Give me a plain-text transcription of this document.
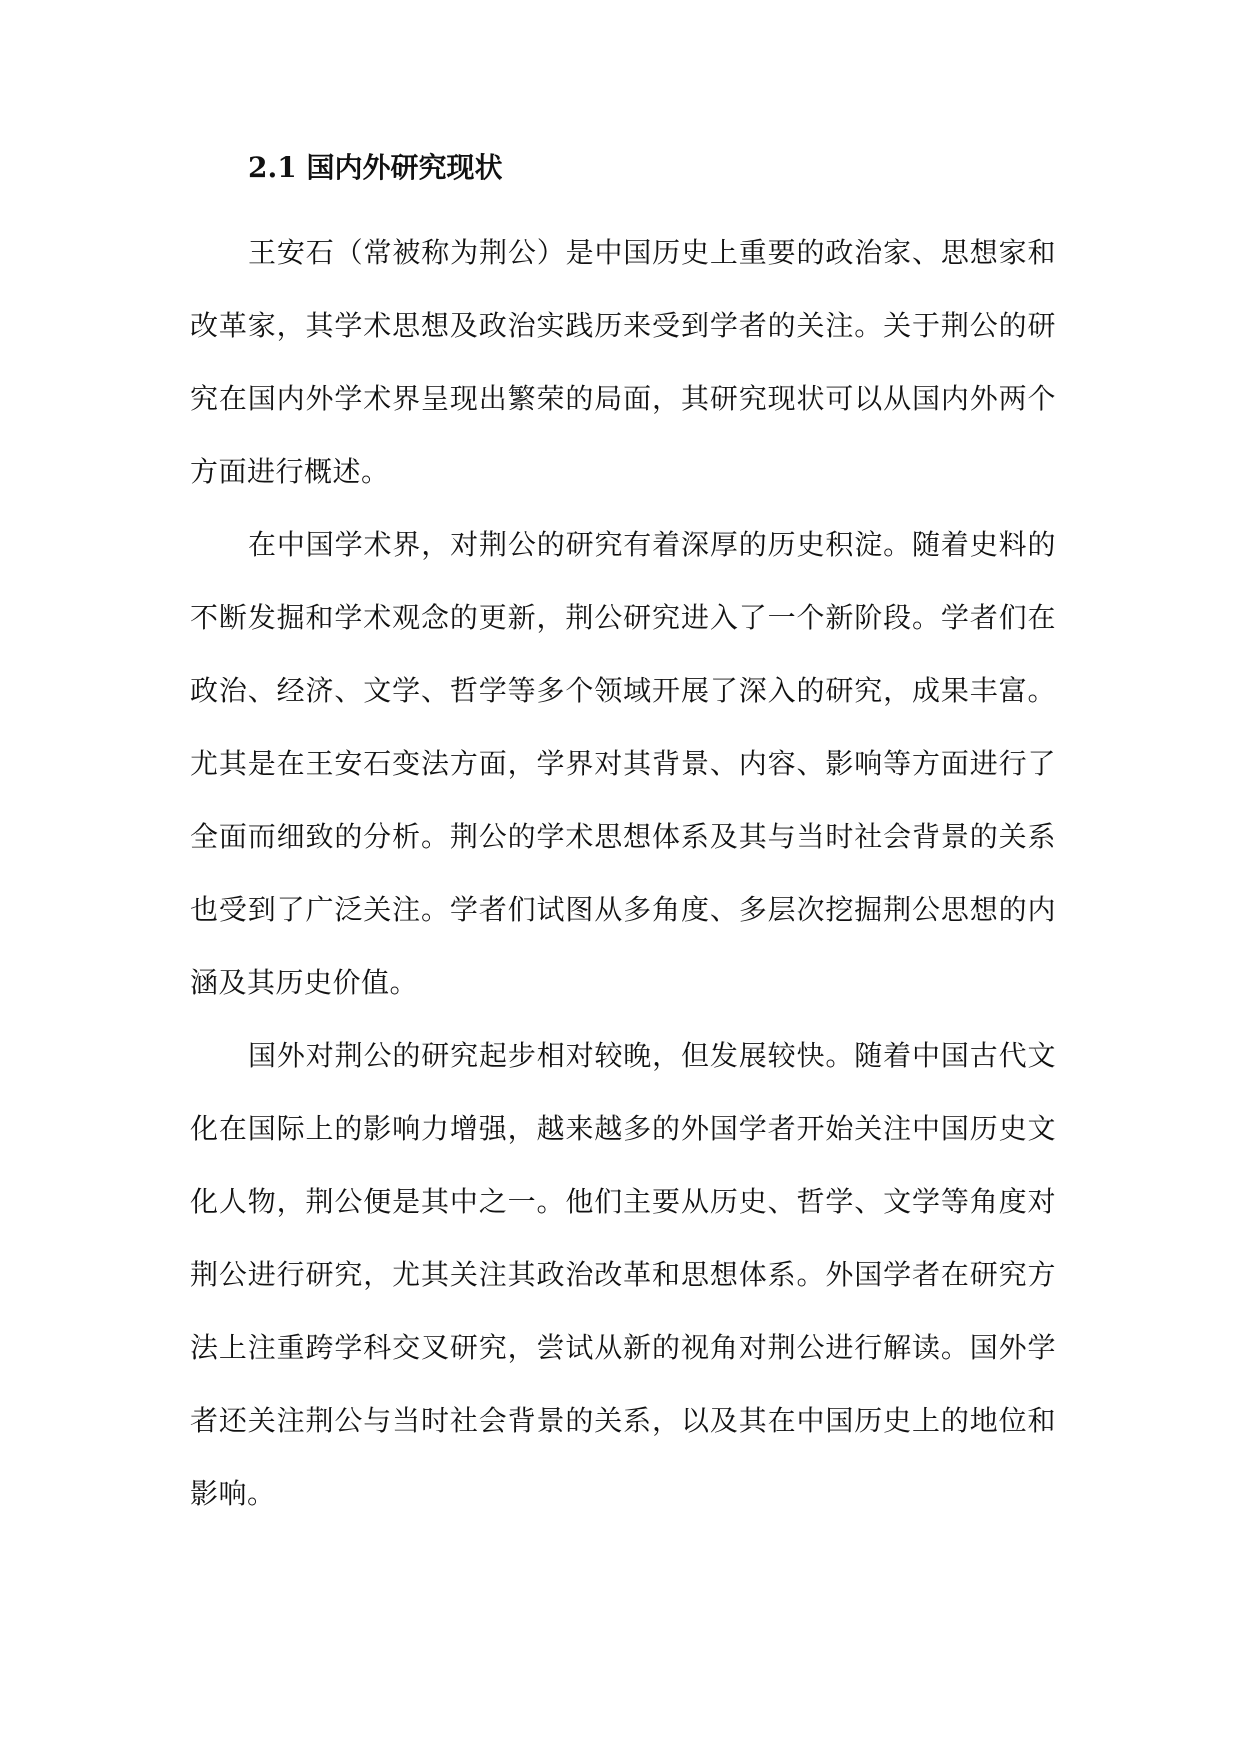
2.1 国内外研究现状

王安石（常被称为荆公）是中国历史上重要的政治家、思想家和改革家，其学术思想及政治实践历来受到学者的关注。关于荆公的研究在国内外学术界呈现出繁荣的局面，其研究现状可以从国内外两个方面进行概述。

在中国学术界，对荆公的研究有着深厚的历史积淀。随着史料的不断发掘和学术观念的更新，荆公研究进入了一个新阶段。学者们在政治、经济、文学、哲学等多个领域开展了深入的研究，成果丰富。尤其是在王安石变法方面，学界对其背景、内容、影响等方面进行了全面而细致的分析。荆公的学术思想体系及其与当时社会背景的关系也受到了广泛关注。学者们试图从多角度、多层次挖掘荆公思想的内涵及其历史价值。

国外对荆公的研究起步相对较晚，但发展较快。随着中国古代文化在国际上的影响力增强，越来越多的外国学者开始关注中国历史文化人物，荆公便是其中之一。他们主要从历史、哲学、文学等角度对荆公进行研究，尤其关注其政治改革和思想体系。外国学者在研究方法上注重跨学科交叉研究，尝试从新的视角对荆公进行解读。国外学者还关注荆公与当时社会背景的关系，以及其在中国历史上的地位和影响。
